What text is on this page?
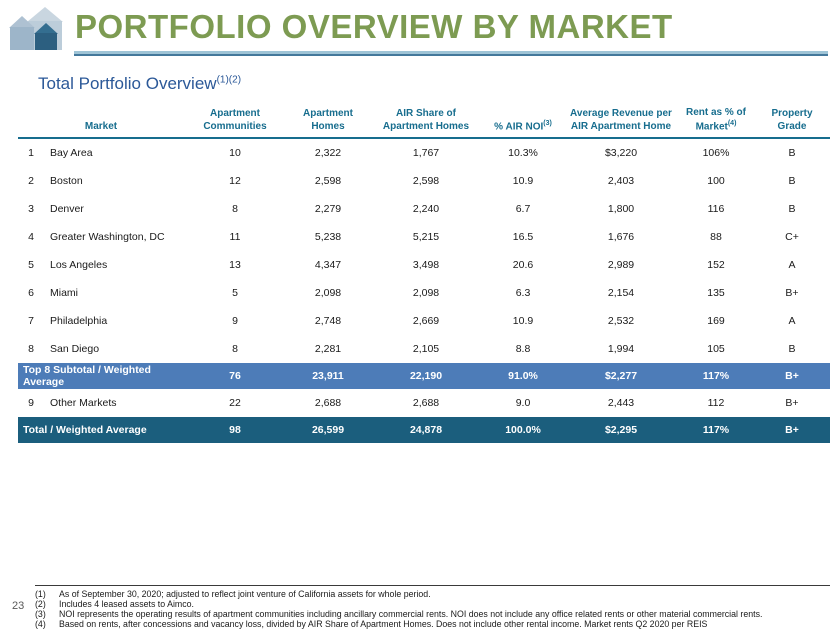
PORTFOLIO OVERVIEW BY MARKET
Total Portfolio Overview$^{(1)(2)}$
Market		Apartment Communities	Apartment Homes	AIR Share of Apartment Homes	% AIR NOI$^{(3)}$	Average Revenue per AIR Apartment Home	Rent as % of Market$^{(4)}$	Property Grade
1	Bay Area	10	2,322	1,767	10.3%	$3,220	106%	B
2	Boston	12	2,598	2,598	10.9	2,403	100	B
3	Denver	8	2,279	2,240	6.7	1,800	116	B
4	Greater Washington, DC	11	5,238	5,215	16.5	1,676	88	C+
5	Los Angeles	13	4,347	3,498	20.6	2,989	152	A
6	Miami	5	2,098	2,098	6.3	2,154	135	B+
7	Philadelphia	9	2,748	2,669	10.9	2,532	169	A
8	San Diego	8	2,281	2,105	8.8	1,994	105	B
Top 8 Subtotal / Weighted Average		76	23,911	22,190	91.0%	$2,277	117%	B+
9	Other Markets	22	2,688	2,688	9.0	2,443	112	B+
Total / Weighted Average		98	26,599	24,878	100.0%	$2,295	117%	B+
(1)	As of September 30, 2020; adjusted to reflect joint venture of California assets for whole period.
(2)	Includes 4 leased assets to Aimco.
(3)	NOI represents the operating results of apartment communities including ancillary commercial rents. NOI does not include any office related rents or other material commercial rents.
(4)	Based on rents, after concessions and vacancy loss, divided by AIR Share of Apartment Homes. Does not include other rental income. Market rents Q2 2020 per REIS
23
